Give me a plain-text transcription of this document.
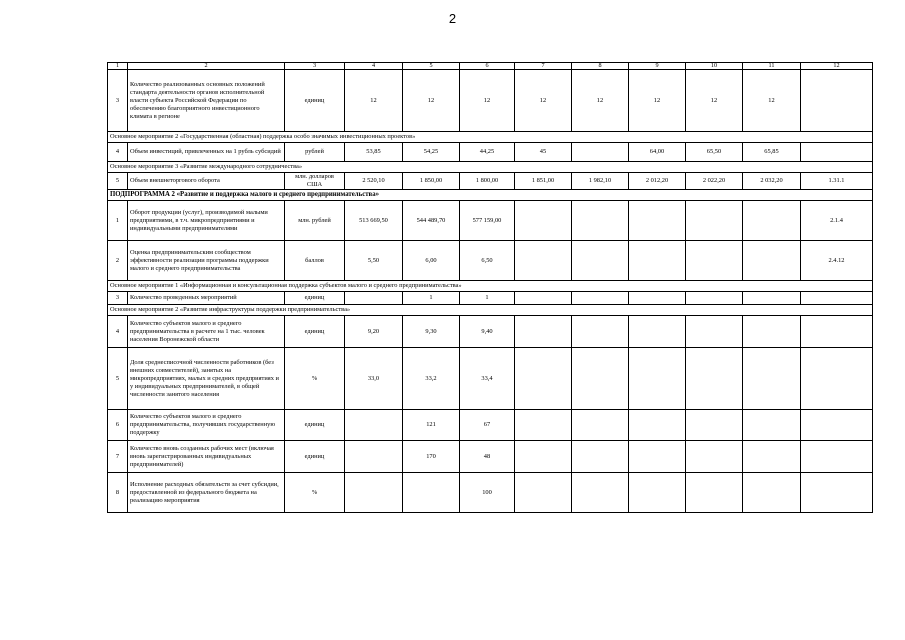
2
1	2	3	4	5	6	7	8	9	10	11	12
3	Количество реализованных основных положений стандарта деятельности органов исполнительной власти субъекта Российской Федерации по обеспечению благоприятного инвестиционного климата в регионе	единиц	12	12	12	12	12	12	12	12	
Основное мероприятие 2 «Государственная (областная) поддержка особо значимых инвестиционных проектов»											
4	Объем инвестиций, привлеченных на 1 рубль субсидий	рублей	53,85	54,25	44,25	45		64,00	65,50	65,85	
Основное мероприятие 3 «Развитие международного сотрудничества»											
5	Объем внешнеторгового оборота	млн. долларов США	2 520,10	1 850,00	1 800,00	1 851,00	1 982,10	2 012,20	2 022,20	2 032,20	1.31.1
ПОДПРОГРАММА 2 «Развитие и поддержка малого и среднего предпринимательства»											
1	Оборот продукции (услуг), производимой малыми предприятиями, в т.ч. микропредприятиями и индивидуальными предпринимателями	млн. рублей	513 669,50	544 489,70	577 159,00						2.1.4
2	Оценка предпринимательским сообществом эффективности реализации программы поддержки малого и среднего предпринимательства	баллов	5,50	6,00	6,50						2.4.12
Основное мероприятие 1 «Информационная и консультационная поддержка субъектов малого и среднего предпринимательства»											
3	Количество проведенных мероприятий	единиц		1	1						
Основное мероприятие 2 «Развитие инфраструктуры поддержки предпринимательства»											
4	Количество субъектов малого и среднего предпринимательства в расчете на 1 тыс. человек населения Воронежской области	единиц	9,20	9,30	9,40						
5	Доля среднесписочной численности работников (без внешних совместителей), занятых на микропредприятиях, малых и средних предприятиях и у индивидуальных предпринимателей, в общей численности занятого населения	%	33,0	33,2	33,4						
6	Количество субъектов малого и среднего предпринимательства, получивших государственную поддержку	единиц		121	67						
7	Количество вновь созданных рабочих мест (включая вновь зарегистрированных индивидуальных предпринимателей)	единиц		170	48						
8	Исполнение расходных обязательств за счет субсидии, предоставленной из федерального бюджета на реализацию мероприятия	%			100						
